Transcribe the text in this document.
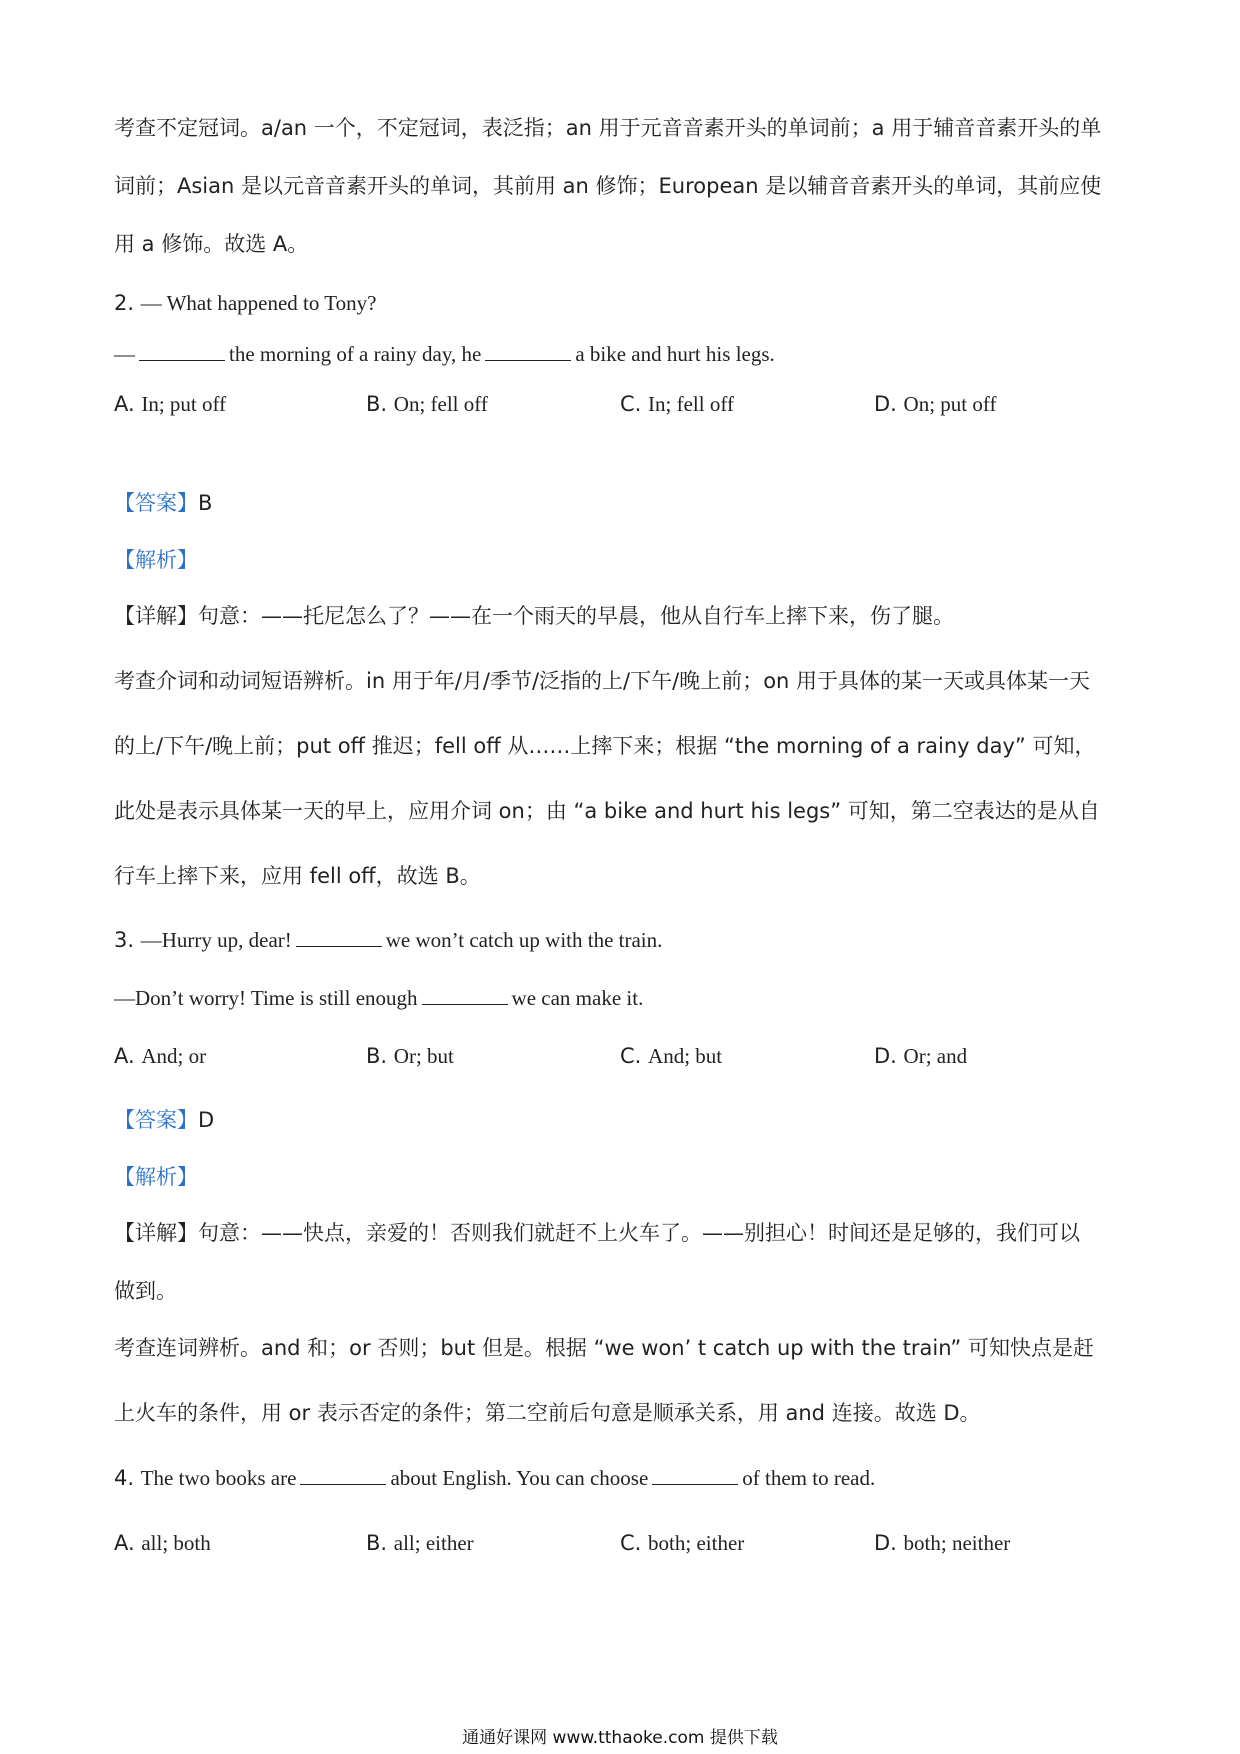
考查不定冠词。a/an 一个，不定冠词，表泛指；an 用于元音音素开头的单词前；a 用于辅音音素开头的单
词前；Asian 是以元音音素开头的单词，其前用 an 修饰；European 是以辅音音素开头的单词，其前应使
用 a 修饰。故选 A。
2. — What happened to Tony?
—	the morning of a rainy day, he	a bike and hurt his legs.
A. In; put off	B. On; fell off	C. In; fell off	D. On; put off
【答案】B
【解析】
【详解】句意：——托尼怎么了？——在一个雨天的早晨，他从自行车上摔下来，伤了腿。
考查介词和动词短语辨析。in 用于年/月/季节/泛指的上/下午/晚上前；on 用于具体的某一天或具体某一天
的上/下午/晚上前；put off 推迟；fell off 从……上摔下来；根据 “the morning of a rainy day” 可知，
此处是表示具体某一天的早上，应用介词 on；由 “a bike and hurt his legs” 可知，第二空表达的是从自
行车上摔下来，应用 fell off，故选 B。
3. —Hurry up, dear!	we won’t catch up with the train.
—Don’t worry! Time is still enough	we can make it.
A. And; or	B. Or; but	C. And; but	D. Or; and
【答案】D
【解析】
【详解】句意：——快点，亲爱的！否则我们就赶不上火车了。——别担心！时间还是足够的，我们可以
做到。
考查连词辨析。and 和；or 否则；but 但是。根据 “we won’ t catch up with the train” 可知快点是赶
上火车的条件，用 or 表示否定的条件；第二空前后句意是顺承关系，用 and 连接。故选 D。
4. The two books are	about English. You can choose	of them to read.
A. all; both	B. all; either	C. both; either	D. both; neither
通通好课网 www.tthaoke.com 提供下载
